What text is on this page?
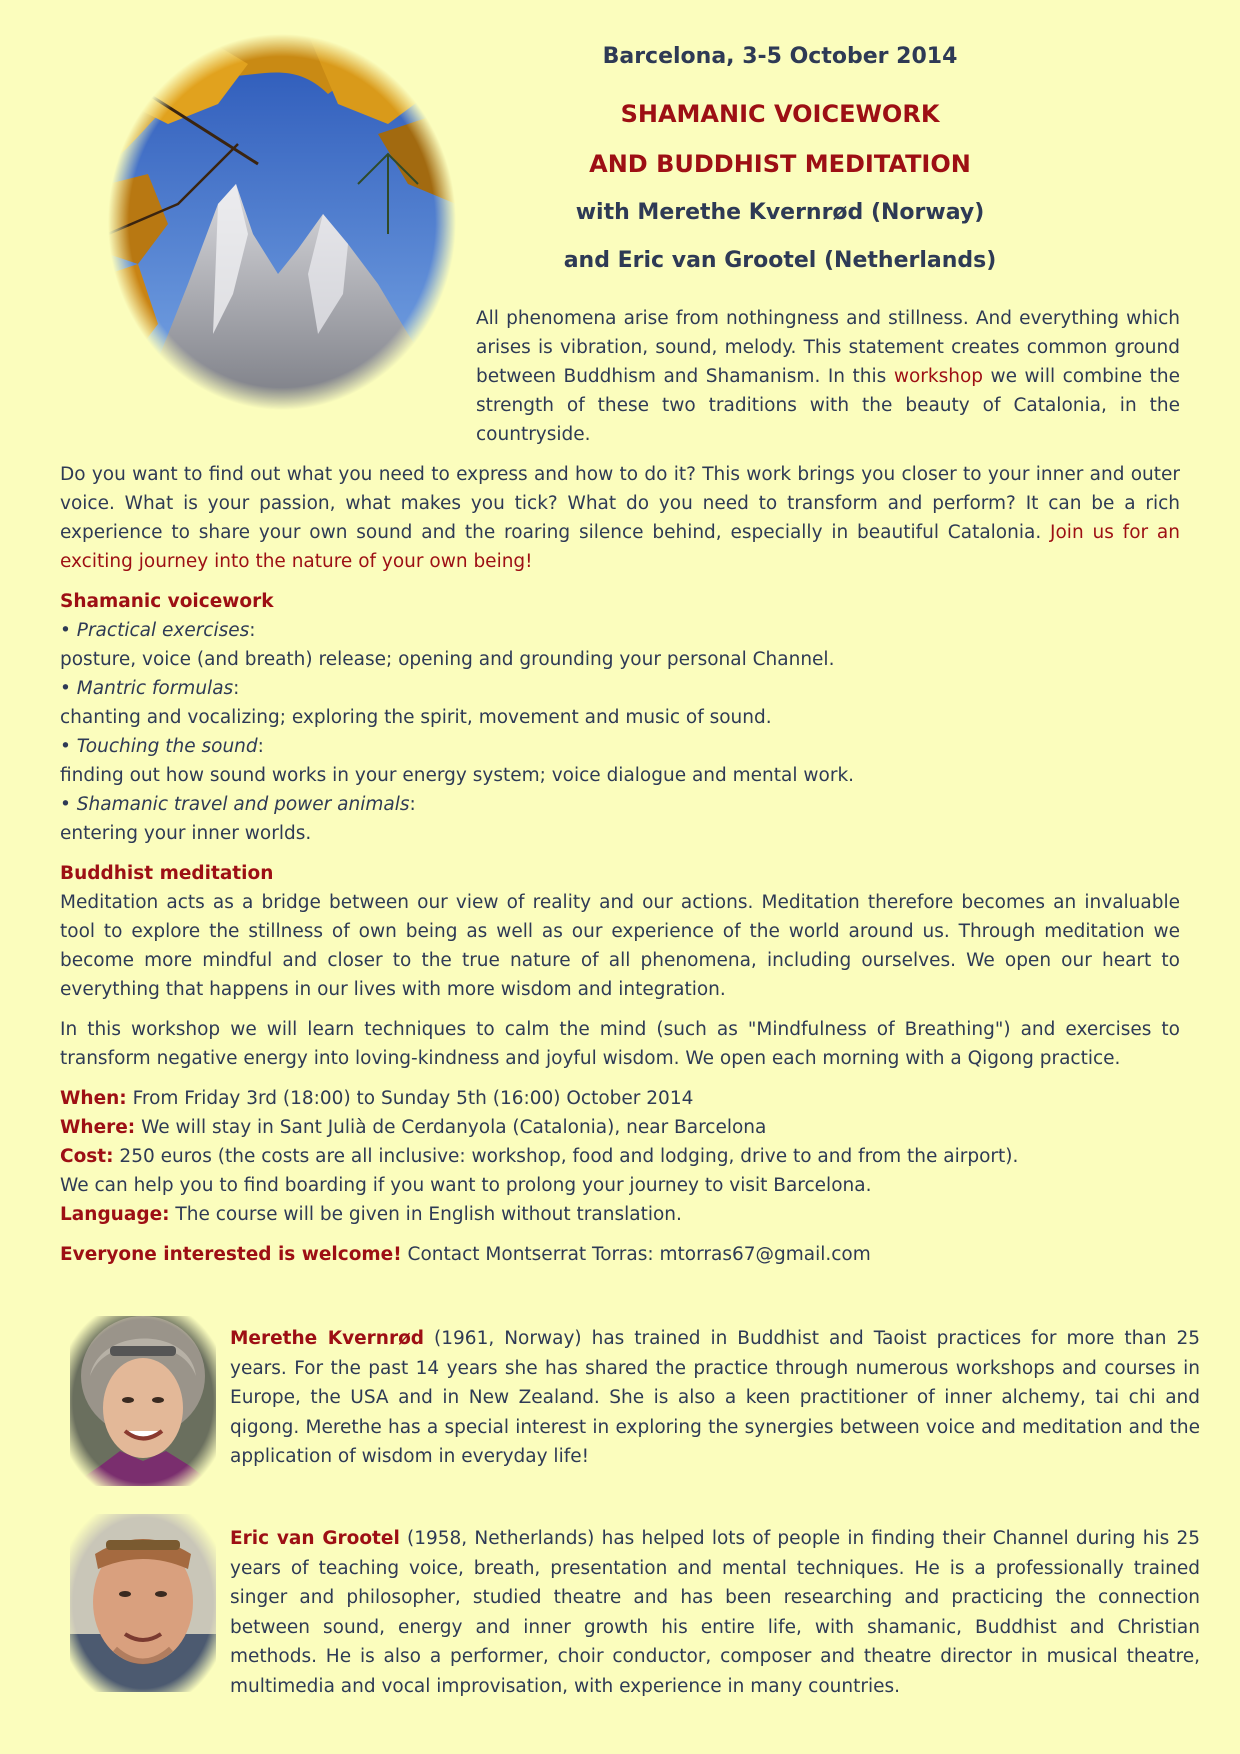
Barcelona, 3-5 October 2014
SHAMANIC VOICEWORK
AND BUDDHIST MEDITATION
with Merethe Kvernrød (Norway)
and Eric van Grootel (Netherlands)
All phenomena arise from nothingness and stillness. And everything which arises is vibration, sound, melody. This statement creates common ground between Buddhism and Shamanism. In this workshop we will combine the strength of these two traditions with the beauty of Catalonia, in the countryside.

Do you want to find out what you need to express and how to do it? This work brings you closer to your inner and outer voice. What is your passion, what makes you tick? What do you need to transform and perform? It can be a rich experience to share your own sound and the roaring silence behind, especially in beautiful Catalonia. Join us for an exciting journey into the nature of your own being!

Shamanic voicework

• Practical exercises:

posture, voice (and breath) release; opening and grounding your personal Channel.

• Mantric formulas:

chanting and vocalizing; exploring the spirit, movement and music of sound.

• Touching the sound:

finding out how sound works in your energy system; voice dialogue and mental work.

• Shamanic travel and power animals:

entering your inner worlds.

Buddhist meditation

Meditation acts as a bridge between our view of reality and our actions. Meditation therefore becomes an invaluable tool to explore the stillness of own being as well as our experience of the world around us. Through meditation we become more mindful and closer to the true nature of all phenomena, including ourselves. We open our heart to everything that happens in our lives with more wisdom and integration.

In this workshop we will learn techniques to calm the mind (such as "Mindfulness of Breathing") and exercises to transform negative energy into loving-kindness and joyful wisdom. We open each morning with a Qigong practice.

When: From Friday 3rd (18:00) to Sunday 5th (16:00) October 2014

Where: We will stay in Sant Julià de Cerdanyola (Catalonia), near Barcelona

Cost: 250 euros (the costs are all inclusive: workshop, food and lodging, drive to and from the airport).

We can help you to find boarding if you want to prolong your journey to visit Barcelona.

Language: The course will be given in English without translation.

Everyone interested is welcome! Contact Montserrat Torras: mtorras67@gmail.com

Merethe Kvernrød (1961, Norway) has trained in Buddhist and Taoist practices for more than 25 years. For the past 14 years she has shared the practice through numerous workshops and courses in Europe, the USA and in New Zealand. She is also a keen practitioner of inner alchemy, tai chi and qigong. Merethe has a special interest in exploring the synergies between voice and meditation and the application of wisdom in everyday life!
Eric van Grootel (1958, Netherlands) has helped lots of people in finding their Channel during his 25 years of teaching voice, breath, presentation and mental techniques. He is a professionally trained singer and philosopher, studied theatre and has been researching and practicing the connection between sound, energy and inner growth his entire life, with shamanic, Buddhist and Christian methods. He is also a performer, choir conductor, composer and theatre director in musical theatre, multimedia and vocal improvisation, with experience in many countries.
